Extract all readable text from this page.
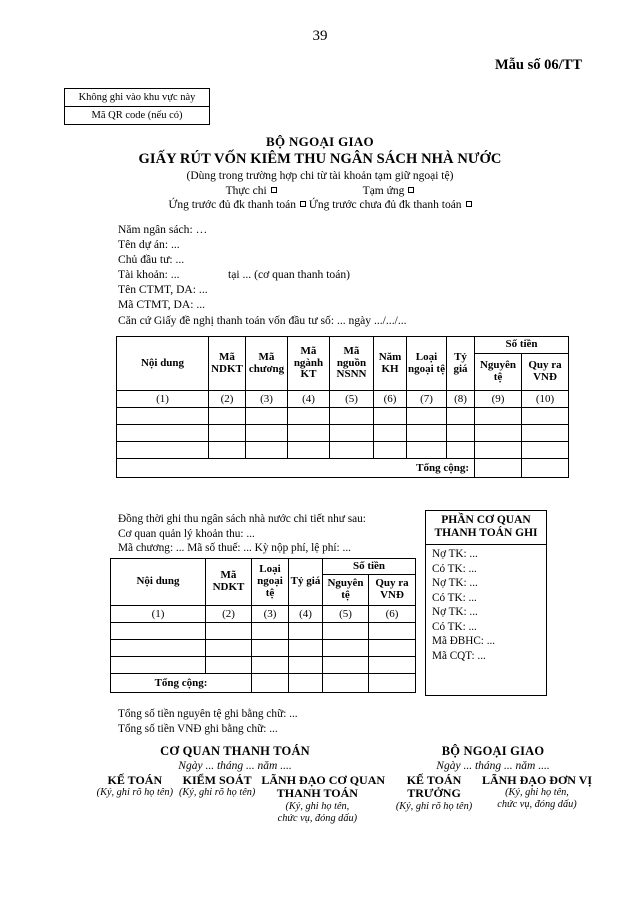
39
Mẫu số 06/TT
Không ghi vào khu vực này
Mã QR code (nếu có)
BỘ NGOẠI GIAO
GIẤY RÚT VỐN KIÊM THU NGÂN SÁCH NHÀ NƯỚC
(Dùng trong trường hợp chi từ tài khoản tạm giữ ngoại tệ)
Thực chi	Tạm ứng
Ứng trước đủ đk thanh toán Ứng trước chưa đủ đk thanh toán
Năm ngân sách: …
Tên dự án: ...
Chủ đầu tư: ...
Tài khoản: ...	tại ... (cơ quan thanh toán)
Tên CTMT, DA: ...
Mã CTMT, DA: ...
Căn cứ Giấy đề nghị thanh toán vốn đầu tư số: ... ngày .../.../...
Nội dung	Mã NDKT	Mã chương	Mã ngành KT	Mã nguồn NSNN	Năm KH	Loại ngoại tệ	Tỷ giá	Số tiền	
								Nguyên tệ	Quy ra VNĐ
(1)	(2)	(3)	(4)	(5)	(6)	(7)	(8)	(9)	(10)

Tổng cộng:									
Đồng thời ghi thu ngân sách nhà nước chi tiết như sau:
Cơ quan quản lý khoản thu: ...
Mã chương: ... Mã số thuế: ... Kỳ nộp phí, lệ phí: ...
PHẦN CƠ QUAN
THANH TOÁN GHI
Nợ TK: ...
Có TK: ...
Nợ TK: ...
Có TK: ...
Nợ TK: ...
Có TK: ...
Mã ĐBHC: ...
Mã CQT: ...
Nội dung	Mã NDKT	Loại ngoại tệ	Tỷ giá	Số tiền	
				Nguyên tệ	Quy ra VNĐ
(1)	(2)	(3)	(4)	(5)	(6)

Tổng cộng:					
Tổng số tiền nguyên tệ ghi bằng chữ: ...
Tổng số tiền VNĐ ghi bằng chữ: ...
CƠ QUAN THANH TOÁN
Ngày ... tháng ... năm ....
KẾ TOÁN
(Ký, ghi rõ họ tên)
KIỂM SOÁT
(Ký, ghi rõ họ tên)
LÃNH ĐẠO CƠ QUAN
THANH TOÁN
(Ký, ghi họ tên,
chức vụ, đóng dấu)
BỘ NGOẠI GIAO
Ngày ... tháng ... năm ....
KẾ TOÁN
TRƯỞNG
(Ký, ghi rõ họ tên)
LÃNH ĐẠO ĐƠN VỊ
(Ký, ghi họ tên,
chức vụ, đóng dấu)
